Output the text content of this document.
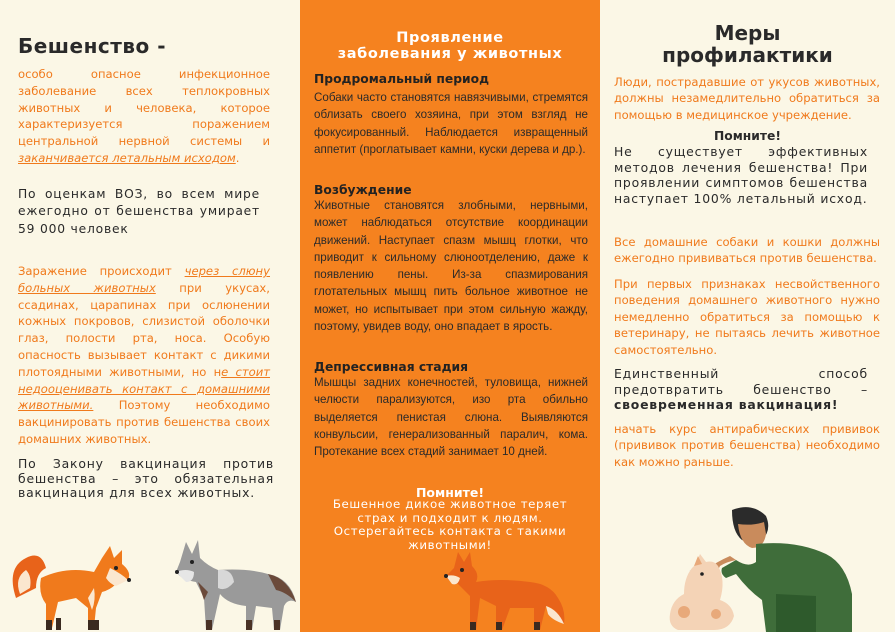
Бешенство -

особо опасное инфекционное заболевание всех теплокровных животных и человека, которое характеризуется поражением центральной нервной системы и заканчивается летальным исходом.

По оценкам ВОЗ, во всем мире ежегодно от бешенства умирает 59 000 человек

Заражение происходит через слюну больных животных при укусах, ссадинах, царапинах при ослюнении кожных покровов, слизистой оболочки глаз, полости рта, носа. Особую опасность вызывает контакт с дикими плотоядными животными, но не стоит недооценивать контакт с домашними животными. Поэтому необходимо вакцинировать против бешенства своих домашних животных.

По Закону вакцинация против бешенства – это обязательная вакцинация для всех животных.

Проявление
заболевания у животных
Продромальный период

Собаки часто становятся навязчивыми, стремятся облизать своего хозяина, при этом взгляд не фокусированный. Наблюдается извращенный аппетит (проглатывает камни, куски дерева и др.).

Возбуждение

Животные становятся злобными, нервными, может наблюдаться отсутствие координации движений. Наступает спазм мышц глотки, что приводит к сильному слюноотделению, даже к появлению пены. Из-за спазмирования глотательных мышц пить больное животное не может, но испытывает при этом сильную жажду, поэтому, увидев воду, оно впадает в ярость.

Депрессивная стадия

Мышцы задних конечностей, туловища, нижней челюсти парализуются, изо рта обильно выделяется пенистая слюна. Выявляются конвульсии, генерализованный паралич, кома. Протекание всех стадий занимает 10 дней.

Помните!

Бешенное дикое животное теряет страх и подходит к людям. Остерегайтесь контакта с такими животными!

Меры
профилактики

Люди, пострадавшие от укусов животных, должны незамедлительно обратиться за помощью в медицинское учреждение.

Помните!

Не существует эффективных методов лечения бешенства! При проявлении симптомов бешенства наступает 100% летальный исход.

Все домашние собаки и кошки должны ежегодно прививаться против бешенства.

При первых признаках несвойственного поведения домашнего животного нужно немедленно обратиться за помощью к ветеринару, не пытаясь лечить животное самостоятельно.

Единственный способ предотвратить бешенство – своевременная вакцинация!

начать курс антирабических прививок (прививок против бешенства) необходимо как можно раньше.
